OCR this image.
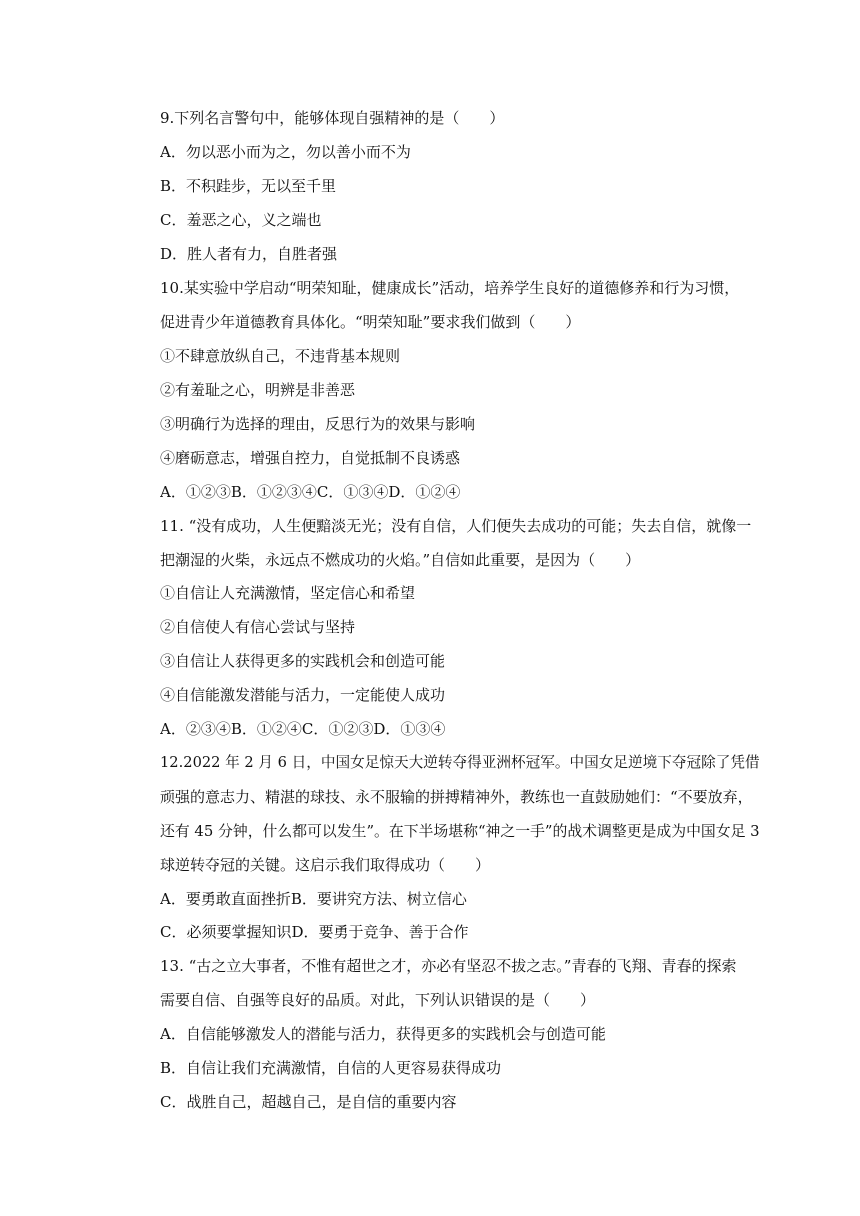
9.下列名言警句中，能够体现自强精神的是（　　）
A．勿以恶小而为之，勿以善小而不为
B．不积跬步，无以至千里
C．羞恶之心，义之端也
D．胜人者有力，自胜者强
10.某实验中学启动“明荣知耻，健康成长”活动，培养学生良好的道德修养和行为习惯，
促进青少年道德教育具体化。“明荣知耻”要求我们做到（　　）
①不肆意放纵自己，不违背基本规则
②有羞耻之心，明辨是非善恶
③明确行为选择的理由，反思行为的效果与影响
④磨砺意志，增强自控力，自觉抵制不良诱惑
A．①②③B．①②③④C．①③④D．①②④
11. “没有成功，人生便黯淡无光；没有自信，人们便失去成功的可能；失去自信，就像一
把潮湿的火柴，永远点不燃成功的火焰。”自信如此重要，是因为（　　）
①自信让人充满激情，坚定信心和希望
②自信使人有信心尝试与坚持
③自信让人获得更多的实践机会和创造可能
④自信能激发潜能与活力，一定能使人成功
A．②③④B．①②④C．①②③D．①③④
12.2022 年 2 月 6 日，中国女足惊天大逆转夺得亚洲杯冠军。中国女足逆境下夺冠除了凭借
顽强的意志力、精湛的球技、永不服输的拼搏精神外，教练也一直鼓励她们：“不要放弃，
还有 45 分钟，什么都可以发生”。在下半场堪称“神之一手”的战术调整更是成为中国女足 3
球逆转夺冠的关键。这启示我们取得成功（　　）
A．要勇敢直面挫折B．要讲究方法、树立信心
C．必须要掌握知识D．要勇于竞争、善于合作
13. “古之立大事者，不惟有超世之才，亦必有坚忍不拔之志。”青春的飞翔、青春的探索
需要自信、自强等良好的品质。对此，下列认识错误的是（　　）
A．自信能够激发人的潜能与活力，获得更多的实践机会与创造可能
B．自信让我们充满激情，自信的人更容易获得成功
C．战胜自己，超越自己，是自信的重要内容
